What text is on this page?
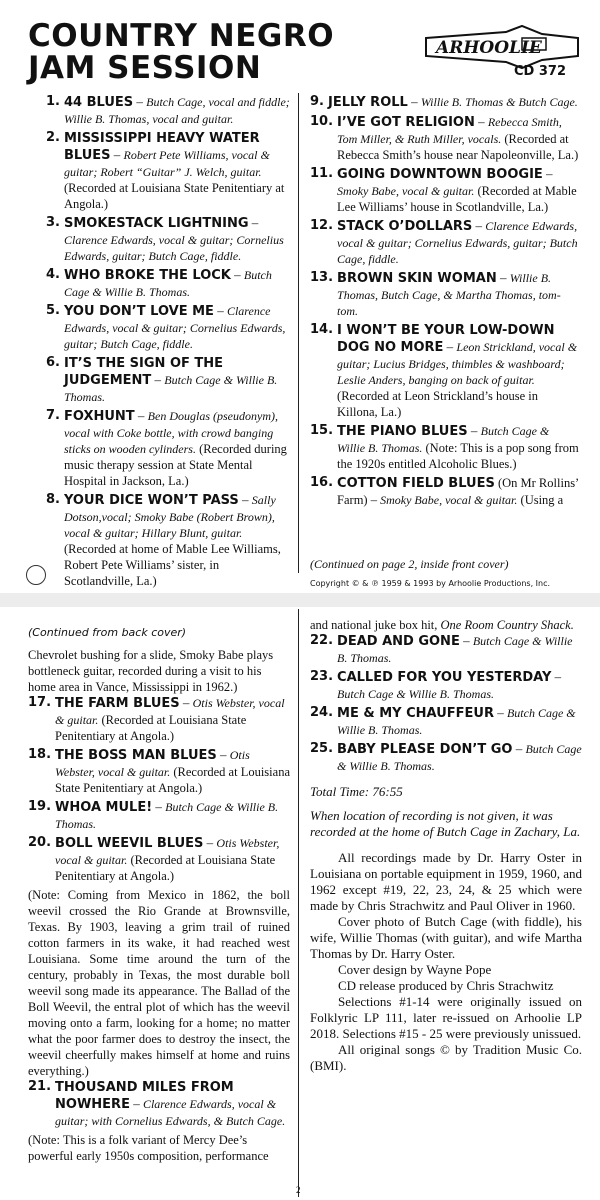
COUNTRY NEGRO
JAM SESSION
ARHOOLIE
CD 372
1. 44 BLUES – Butch Cage, vocal and fiddle; Willie B. Thomas, vocal and guitar.
2. MISSISSIPPI HEAVY WATER BLUES – Robert Pete Williams, vocal & guitar; Robert “Guitar” J. Welch, guitar. (Recorded at Louisiana State Penitentiary at Angola.)
3. SMOKESTACK LIGHTNING – Clarence Edwards, vocal & guitar; Cornelius Edwards, guitar; Butch Cage, fiddle.
4. WHO BROKE THE LOCK – Butch Cage & Willie B. Thomas.
5. YOU DON’T LOVE ME – Clarence Edwards, vocal & guitar; Cornelius Edwards, guitar; Butch Cage, fiddle.
6. IT’S THE SIGN OF THE JUDGEMENT – Butch Cage & Willie B. Thomas.
7. FOXHUNT – Ben Douglas (pseudonym), vocal with Coke bottle, with crowd banging sticks on wooden cylinders. (Recorded during music therapy session at State Mental Hospital in Jackson, La.)
8. YOUR DICE WON’T PASS – Sally Dotson,vocal; Smoky Babe (Robert Brown), vocal & guitar; Hillary Blunt, guitar. (Recorded at home of Mable Lee Williams, Robert Pete Williams’ sister, in Scotlandville, La.)
9. JELLY ROLL – Willie B. Thomas & Butch Cage.
10. I’VE GOT RELIGION – Rebecca Smith, Tom Miller, & Ruth Miller, vocals. (Recorded at Rebecca Smith’s house near Napoleonville, La.)
11. GOING DOWNTOWN BOOGIE – Smoky Babe, vocal & guitar. (Recorded at Mable Lee Williams’ house in Scotlandville, La.)
12. STACK O’DOLLARS – Clarence Edwards, vocal & guitar; Cornelius Edwards, guitar; Butch Cage, fiddle.
13. BROWN SKIN WOMAN – Willie B. Thomas, Butch Cage, & Martha Thomas, tom-tom.
14. I WON’T BE YOUR LOW-DOWN DOG NO MORE – Leon Strickland, vocal & guitar; Lucius Bridges, thimbles & washboard; Leslie Anders, banging on back of guitar. (Recorded at Leon Strickland’s house in Killona, La.)
15. THE PIANO BLUES – Butch Cage & Willie B. Thomas. (Note: This is a pop song from the 1920s entitled Alcoholic Blues.)
16. COTTON FIELD BLUES (On Mr Rollins’ Farm) – Smoky Babe, vocal & guitar. (Using a
(Continued on page 2, inside front cover)
Copyright © & ℗ 1959 & 1993 by Arhoolie Productions, Inc.
(Continued from back cover)

Chevrolet bushing for a slide, Smoky Babe plays bottleneck guitar, recorded during a visit to his home area in Vance, Mississippi in 1962.)

17. THE FARM BLUES – Otis Webster, vocal & guitar. (Recorded at Louisiana State Penitentiary at Angola.)
18. THE BOSS MAN BLUES – Otis Webster, vocal & guitar. (Recorded at Louisiana State Penitentiary at Angola.)
19. WHOA MULE! – Butch Cage & Willie B. Thomas.
20. BOLL WEEVIL BLUES – Otis Webster, vocal & guitar. (Recorded at Louisiana State Penitentiary at Angola.)

(Note: Coming from Mexico in 1862, the boll weevil crossed the Rio Grande at Brownsville, Texas. By 1903, leaving a grim trail of ruined cotton farmers in its wake, it had reached west Louisiana. Some time around the turn of the century, probably in Texas, the most durable boll weevil song made its appearance. The Ballad of the Boll Weevil, the entral plot of which has the weevil moving onto a farm, looking for a home; no matter what the poor farmer does to destroy the insect, the weevil cheerfully makes himself at home and ruins everything.)

21. THOUSAND MILES FROM NOWHERE – Clarence Edwards, vocal & guitar; with Cornelius Edwards, & Butch Cage.

(Note: This is a folk variant of Mercy Dee’s powerful early 1950s composition, performance

and national juke box hit, One Room Country Shack.

22. DEAD AND GONE – Butch Cage & Willie B. Thomas.
23. CALLED FOR YOU YESTERDAY – Butch Cage & Willie B. Thomas.
24. ME & MY CHAUFFEUR – Butch Cage & Willie B. Thomas.
25. BABY PLEASE DON’T GO – Butch Cage & Willie B. Thomas.

Total Time: 76:55

When location of recording is not given, it was recorded at the home of Butch Cage in Zachary, La.

All recordings made by Dr. Harry Oster in Louisiana on portable equipment in 1959, 1960, and 1962 except #19, 22, 23, 24, & 25 which were made by Chris Strachwitz and Paul Oliver in 1960.

Cover photo of Butch Cage (with fiddle), his wife, Willie Thomas (with guitar), and wife Martha Thomas by Dr. Harry Oster.

Cover design by Wayne Pope

CD release produced by Chris Strachwitz

Selections #1-14 were originally issued on Folklyric LP 111, later re-issued on Arhoolie LP 2018. Selections #15 - 25 were previously unissued.

All original songs © by Tradition Music Co. (BMI).

2
